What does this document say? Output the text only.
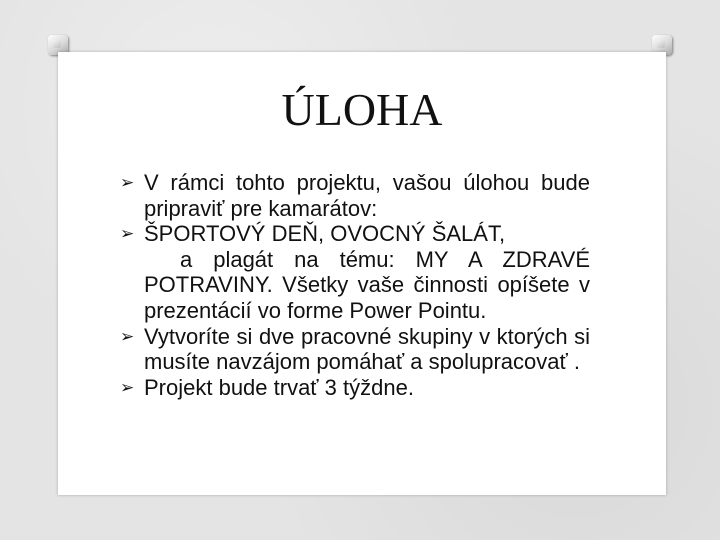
ÚLOHA
➢ V rámci tohto projektu, vašou úlohou bude pripraviť pre kamarátov:
➢ ŠPORTOVÝ DEŇ, OVOCNÝ ŠALÁT,
a plagát na tému: MY A ZDRAVÉ POTRAVINY. Všetky vaše činnosti opíšete v prezentácií vo forme Power Pointu.
➢ Vytvoríte si dve pracovné skupiny v ktorých si musíte navzájom pomáhať a spolupracovať .
➢ Projekt bude trvať 3 týždne.
